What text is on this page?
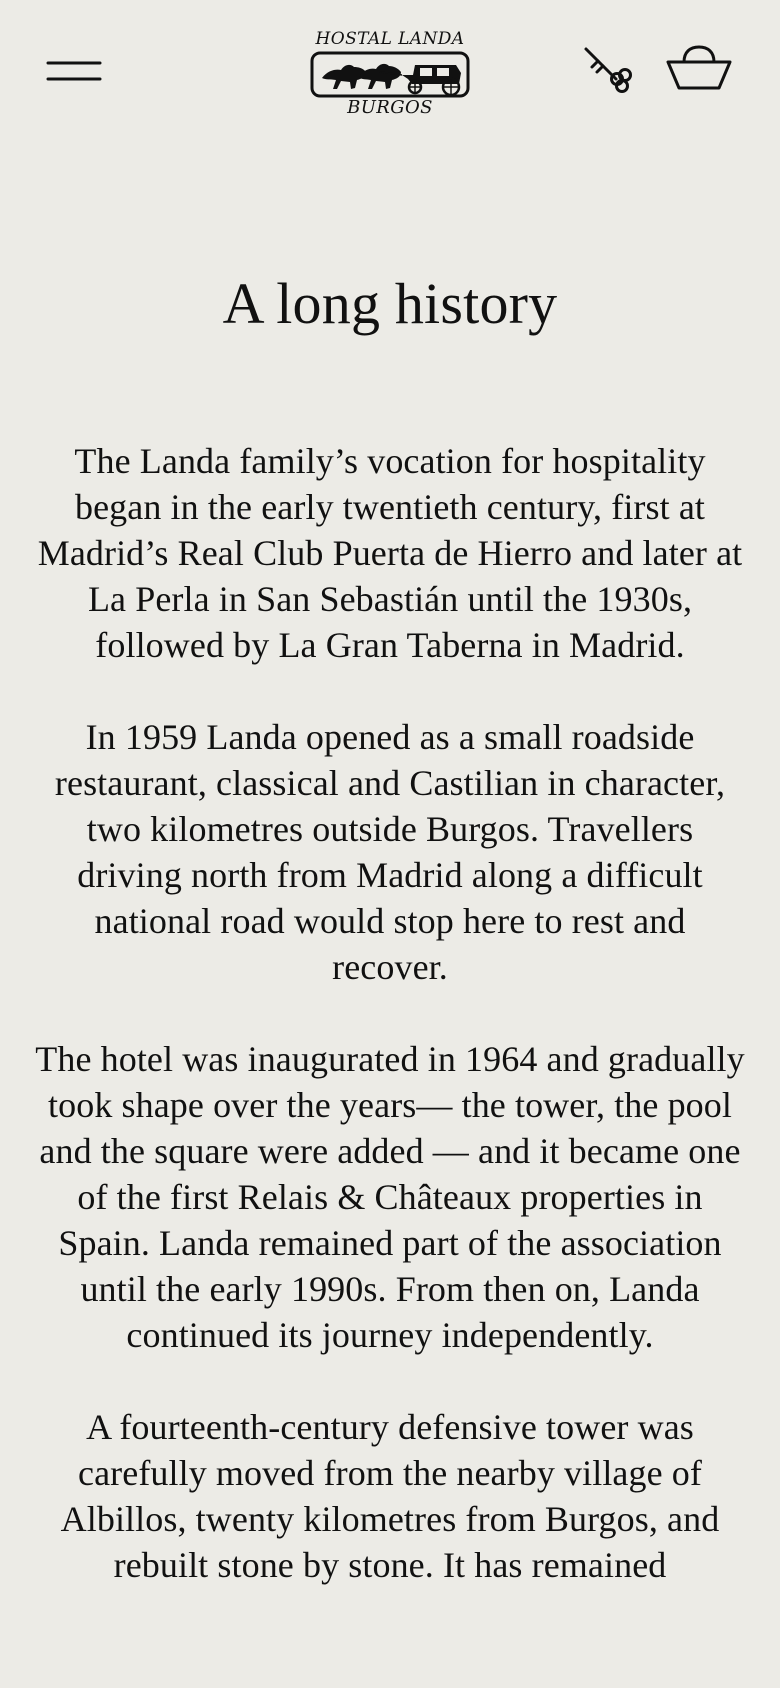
HOSTAL LANDA
BURGOS
A long history

The Landa family’s vocation for hospitality began in the early twentieth century, first at Madrid’s Real Club Puerta de Hierro and later at La Perla in San Sebastián until the 1930s, followed by La Gran Taberna in Madrid.

In 1959 Landa opened as a small roadside restaurant, classical and Castilian in character, two kilometres outside Burgos. Travellers driving north from Madrid along a difficult national road would stop here to rest and recover.

The hotel was inaugurated in 1964 and gradually took shape over the years— the tower, the pool and the square were added — and it became one of the first Relais & Châteaux properties in Spain. Landa remained part of the association until the early 1990s. From then on, Landa continued its journey independently.

A fourteenth-century defensive tower was carefully moved from the nearby village of Albillos, twenty kilometres from Burgos, and rebuilt stone by stone. It has remained
